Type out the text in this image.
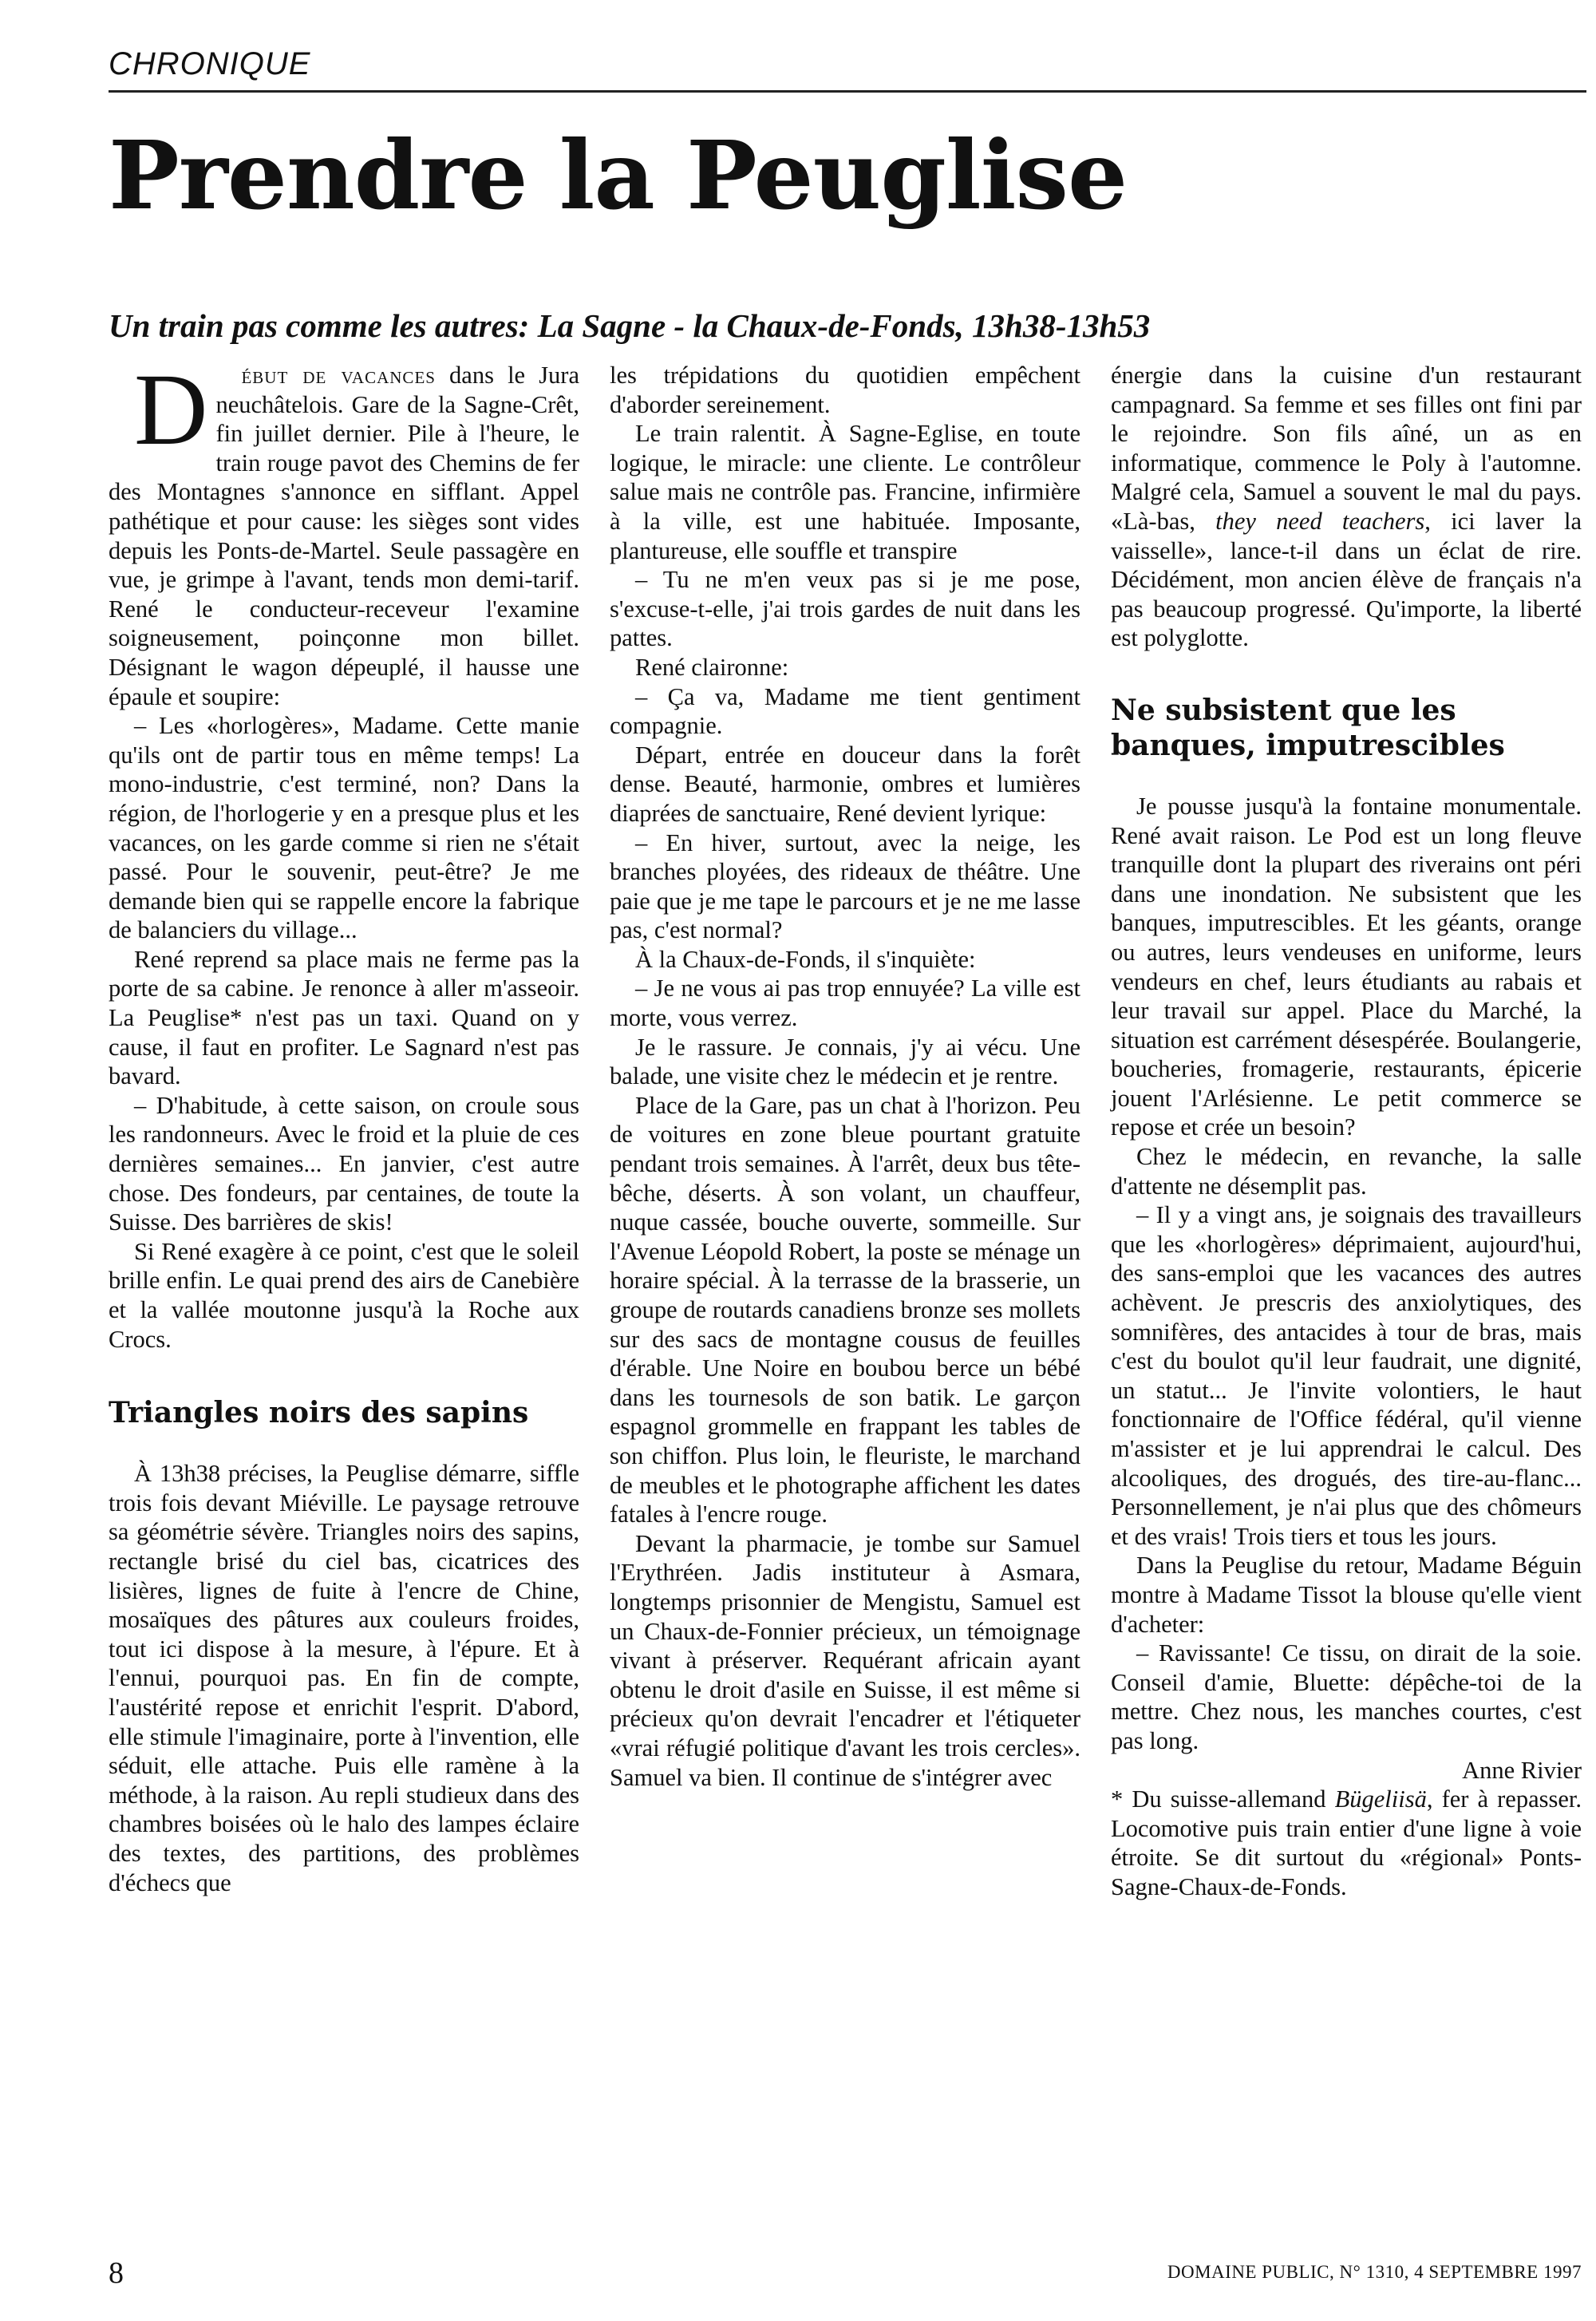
CHRONIQUE
Prendre la Peuglise
Un train pas comme les autres: La Sagne - la Chaux-de-Fonds, 13h38-13h53

D ébut de vacances dans le Jura neuchâtelois. Gare de la Sagne-Crêt, fin juillet dernier. Pile à l'heure, le train rouge pavot des Chemins de fer des Montagnes s'annonce en sifflant. Appel pathétique et pour cause: les sièges sont vides depuis les Ponts-de-Martel. Seule passagère en vue, je grimpe à l'avant, tends mon demi-tarif. René le conducteur-receveur l'examine soigneusement, poinçonne mon billet. Désignant le wagon dépeuplé, il hausse une épaule et soupire:

– Les «horlogères», Madame. Cette manie qu'ils ont de partir tous en même temps! La mono-industrie, c'est terminé, non? Dans la région, de l'horlogerie y en a presque plus et les vacances, on les garde comme si rien ne s'était passé. Pour le souvenir, peut-être? Je me demande bien qui se rappelle encore la fabrique de balanciers du village...

René reprend sa place mais ne ferme pas la porte de sa cabine. Je renonce à aller m'asseoir. La Peuglise* n'est pas un taxi. Quand on y cause, il faut en profiter. Le Sagnard n'est pas bavard.

– D'habitude, à cette saison, on croule sous les randonneurs. Avec le froid et la pluie de ces dernières semaines... En janvier, c'est autre chose. Des fondeurs, par centaines, de toute la Suisse. Des barrières de skis!

Si René exagère à ce point, c'est que le soleil brille enfin. Le quai prend des airs de Canebière et la vallée moutonne jusqu'à la Roche aux Crocs.

Triangles noirs des sapins

À 13h38 précises, la Peuglise démarre, siffle trois fois devant Miéville. Le paysage retrouve sa géométrie sévère. Triangles noirs des sapins, rectangle brisé du ciel bas, cicatrices des lisières, lignes de fuite à l'encre de Chine, mosaïques des pâtures aux couleurs froides, tout ici dispose à la mesure, à l'épure. Et à l'ennui, pourquoi pas. En fin de compte, l'austérité repose et enrichit l'esprit. D'abord, elle stimule l'imaginaire, porte à l'invention, elle séduit, elle attache. Puis elle ramène à la méthode, à la raison. Au repli studieux dans des chambres boisées où le halo des lampes éclaire des textes, des partitions, des problèmes d'échecs que

les trépidations du quotidien empêchent d'aborder sereinement.

Le train ralentit. À Sagne-Eglise, en toute logique, le miracle: une cliente. Le contrôleur salue mais ne contrôle pas. Francine, infirmière à la ville, est une habituée. Imposante, plantureuse, elle souffle et transpire

– Tu ne m'en veux pas si je me pose, s'excuse-t-elle, j'ai trois gardes de nuit dans les pattes.

René claironne:

– Ça va, Madame me tient gentiment compagnie.

Départ, entrée en douceur dans la forêt dense. Beauté, harmonie, ombres et lumières diaprées de sanctuaire, René devient lyrique:

– En hiver, surtout, avec la neige, les branches ployées, des rideaux de théâtre. Une paie que je me tape le parcours et je ne me lasse pas, c'est normal?

À la Chaux-de-Fonds, il s'inquiète:

– Je ne vous ai pas trop ennuyée? La ville est morte, vous verrez.

Je le rassure. Je connais, j'y ai vécu. Une balade, une visite chez le médecin et je rentre.

Place de la Gare, pas un chat à l'horizon. Peu de voitures en zone bleue pourtant gratuite pendant trois semaines. À l'arrêt, deux bus tête-bêche, déserts. À son volant, un chauffeur, nuque cassée, bouche ouverte, sommeille. Sur l'Avenue Léopold Robert, la poste se ménage un horaire spécial. À la terrasse de la brasserie, un groupe de routards canadiens bronze ses mollets sur des sacs de montagne cousus de feuilles d'érable. Une Noire en boubou berce un bébé dans les tournesols de son batik. Le garçon espagnol grommelle en frappant les tables de son chiffon. Plus loin, le fleuriste, le marchand de meubles et le photographe affichent les dates fatales à l'encre rouge.

Devant la pharmacie, je tombe sur Samuel l'Erythréen. Jadis instituteur à Asmara, longtemps prisonnier de Mengistu, Samuel est un Chaux-de-Fonnier précieux, un témoignage vivant à préserver. Requérant africain ayant obtenu le droit d'asile en Suisse, il est même si précieux qu'on devrait l'encadrer et l'étiqueter «vrai réfugié politique d'avant les trois cercles». Samuel va bien. Il continue de s'intégrer avec

énergie dans la cuisine d'un restaurant campagnard. Sa femme et ses filles ont fini par le rejoindre. Son fils aîné, un as en informatique, commence le Poly à l'automne. Malgré cela, Samuel a souvent le mal du pays. «Là-bas, they need teachers, ici laver la vaisselle», lance-t-il dans un éclat de rire. Décidément, mon ancien élève de français n'a pas beaucoup progressé. Qu'importe, la liberté est polyglotte.

Ne subsistent que les banques, imputrescibles

Je pousse jusqu'à la fontaine monumentale. René avait raison. Le Pod est un long fleuve tranquille dont la plupart des riverains ont péri dans une inondation. Ne subsistent que les banques, imputrescibles. Et les géants, orange ou autres, leurs vendeuses en uniforme, leurs vendeurs en chef, leurs étudiants au rabais et leur travail sur appel. Place du Marché, la situation est carrément désespérée. Boulangerie, boucheries, fromagerie, restaurants, épicerie jouent l'Arlésienne. Le petit commerce se repose et crée un besoin?

Chez le médecin, en revanche, la salle d'attente ne désemplit pas.

– Il y a vingt ans, je soignais des travailleurs que les «horlogères» déprimaient, aujourd'hui, des sans-emploi que les vacances des autres achèvent. Je prescris des anxiolytiques, des somnifères, des antacides à tour de bras, mais c'est du boulot qu'il leur faudrait, une dignité, un statut... Je l'invite volontiers, le haut fonctionnaire de l'Office fédéral, qu'il vienne m'assister et je lui apprendrai le calcul. Des alcooliques, des drogués, des tire-au-flanc... Personnellement, je n'ai plus que des chômeurs et des vrais! Trois tiers et tous les jours.

Dans la Peuglise du retour, Madame Béguin montre à Madame Tissot la blouse qu'elle vient d'acheter:

– Ravissante! Ce tissu, on dirait de la soie. Conseil d'amie, Bluette: dépêche-toi de la mettre. Chez nous, les manches courtes, c'est pas long.

Anne Rivier

* Du suisse-allemand Bügeliisä, fer à repasser. Locomotive puis train entier d'une ligne à voie étroite. Se dit surtout du «régional» Ponts-Sagne-Chaux-de-Fonds.

8	DOMAINE PUBLIC, N° 1310, 4 SEPTEMBRE 1997
